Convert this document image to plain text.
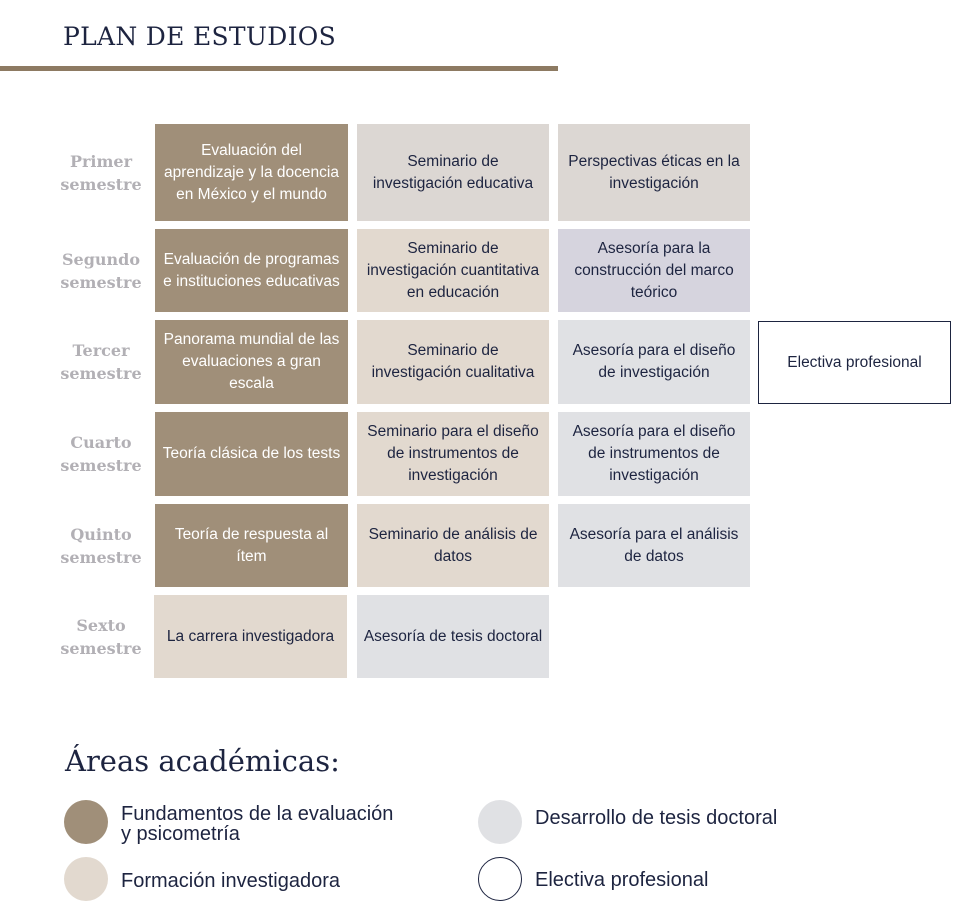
PLAN DE ESTUDIOS
Primer
semestre
Evaluación del aprendizaje y la docencia en México y el mundo
Seminario de investigación educativa
Perspectivas éticas en la investigación
Segundo
semestre
Evaluación de programas e instituciones educativas
Seminario de investigación cuantitativa en educación
Asesoría para la construcción del marco teórico
Tercer
semestre
Panorama mundial de las evaluaciones a gran escala
Seminario de investigación cualitativa
Asesoría para el diseño de investigación
Electiva profesional
Cuarto
semestre
Teoría clásica de los tests
Seminario para el diseño de instrumentos de investigación
Asesoría para el diseño de instrumentos de investigación
Quinto
semestre
Teoría de respuesta al ítem
Seminario de análisis de datos
Asesoría para el análisis de datos
Sexto
semestre
La carrera investigadora	Asesoría de tesis doctoral
Áreas académicas:
Fundamentos de la evaluación
y psicometría
Formación investigadora
Desarrollo de tesis doctoral
Electiva profesional
